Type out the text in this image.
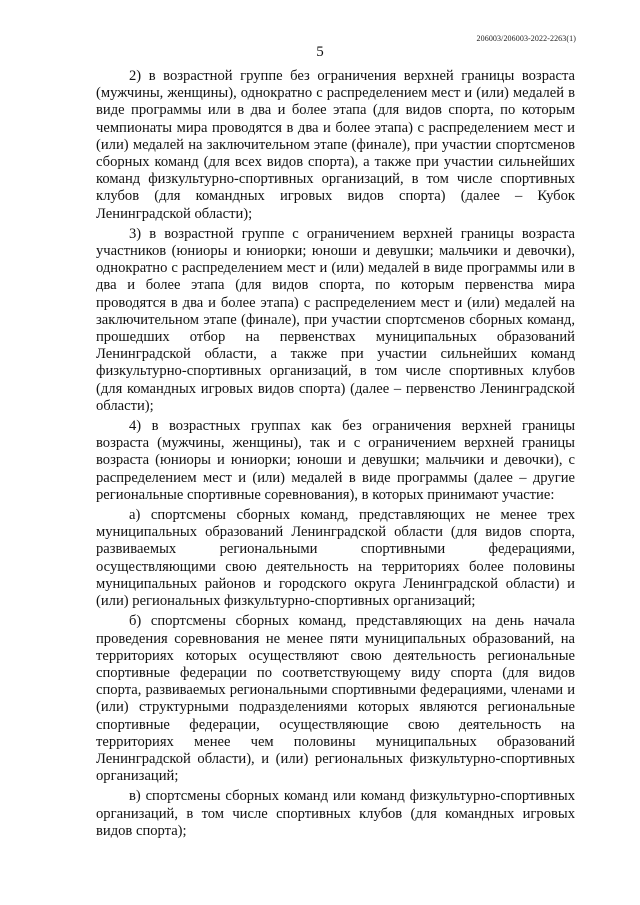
206003/206003-2022-2263(1)
5

2) в возрастной группе без ограничения верхней границы возраста (мужчины, женщины), однократно с распределением мест и (или) медалей в виде программы или в два и более этапа (для видов спорта, по которым чемпионаты мира проводятся в два и более этапа) с распределением мест и (или) медалей на заключительном этапе (финале), при участии спортсменов сборных команд (для всех видов спорта), а также при участии сильнейших команд физкультурно-спортивных организаций, в том числе спортивных клубов (для командных игровых видов спорта) (далее – Кубок Ленинградской области);

3) в возрастной группе с ограничением верхней границы возраста участников (юниоры и юниорки; юноши и девушки; мальчики и девочки), однократно с распределением мест и (или) медалей в виде программы или в два и более этапа (для видов спорта, по которым первенства мира проводятся в два и более этапа) с распределением мест и (или) медалей на заключительном этапе (финале), при участии спортсменов сборных команд, прошедших отбор на первенствах муниципальных образований Ленинградской области, а также при участии сильнейших команд физкультурно-спортивных организаций, в том числе спортивных клубов (для командных игровых видов спорта) (далее – первенство Ленинградской области);

4) в возрастных группах как без ограничения верхней границы возраста (мужчины, женщины), так и с ограничением верхней границы возраста (юниоры и юниорки; юноши и девушки; мальчики и девочки), с распределением мест и (или) медалей в виде программы (далее – другие региональные спортивные соревнования), в которых принимают участие:

а) спортсмены сборных команд, представляющих не менее трех муниципальных образований Ленинградской области (для видов спорта, развиваемых региональными спортивными федерациями, осуществляющими свою деятельность на территориях более половины муниципальных районов и городского округа Ленинградской области) и (или) региональных физкультурно-спортивных организаций;

б) спортсмены сборных команд, представляющих на день начала проведения соревнования не менее пяти муниципальных образований, на территориях которых осуществляют свою деятельность региональные спортивные федерации по соответствующему виду спорта (для видов спорта, развиваемых региональными спортивными федерациями, членами и (или) структурными подразделениями которых являются региональные спортивные федерации, осуществляющие свою деятельность на территориях менее чем половины муниципальных образований Ленинградской области), и (или) региональных физкультурно-спортивных организаций;

в) спортсмены сборных команд или команд физкультурно-спортивных организаций, в том числе спортивных клубов (для командных игровых видов спорта);
